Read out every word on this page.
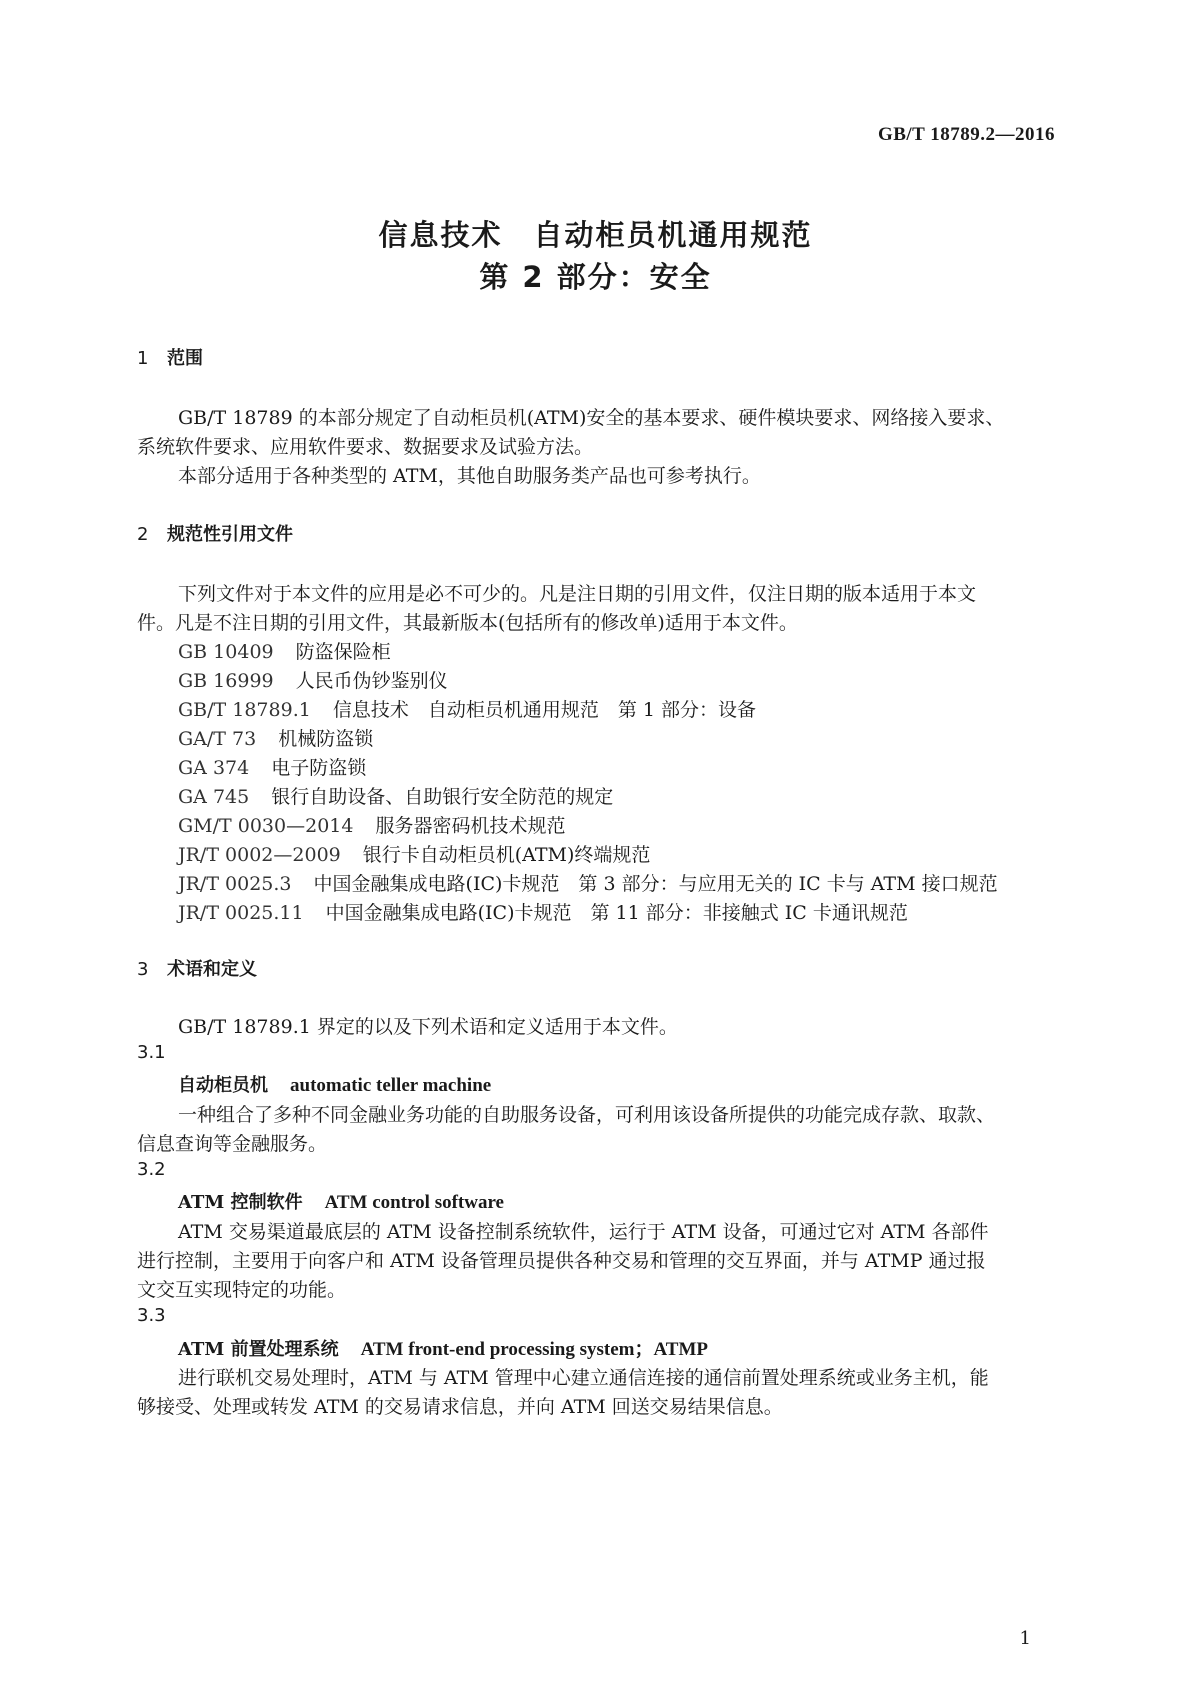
GB/T 18789.2—2016
信息技术　自动柜员机通用规范
第 2 部分：安全
1 范围
GB/T 18789 的本部分规定了自动柜员机(ATM)安全的基本要求、硬件模块要求、网络接入要求、
系统软件要求、应用软件要求、数据要求及试验方法。
本部分适用于各种类型的 ATM，其他自助服务类产品也可参考执行。
2 规范性引用文件
下列文件对于本文件的应用是必不可少的。凡是注日期的引用文件，仅注日期的版本适用于本文
件。凡是不注日期的引用文件，其最新版本(包括所有的修改单)适用于本文件。
GB 10409 防盗保险柜
GB 16999 人民币伪钞鉴别仪
GB/T 18789.1 信息技术　自动柜员机通用规范　第 1 部分：设备
GA/T 73 机械防盗锁
GA 374 电子防盗锁
GA 745 银行自助设备、自助银行安全防范的规定
GM/T 0030—2014 服务器密码机技术规范
JR/T 0002—2009 银行卡自动柜员机(ATM)终端规范
JR/T 0025.3 中国金融集成电路(IC)卡规范　第 3 部分：与应用无关的 IC 卡与 ATM 接口规范
JR/T 0025.11 中国金融集成电路(IC)卡规范　第 11 部分：非接触式 IC 卡通讯规范
3 术语和定义
GB/T 18789.1 界定的以及下列术语和定义适用于本文件。
3.1
自动柜员机 automatic teller machine
一种组合了多种不同金融业务功能的自助服务设备，可利用该设备所提供的功能完成存款、取款、
信息查询等金融服务。
3.2
ATM 控制软件 ATM control software
ATM 交易渠道最底层的 ATM 设备控制系统软件，运行于 ATM 设备，可通过它对 ATM 各部件
进行控制，主要用于向客户和 ATM 设备管理员提供各种交易和管理的交互界面，并与 ATMP 通过报
文交互实现特定的功能。
3.3
ATM 前置处理系统 ATM front-end processing system；ATMP
进行联机交易处理时，ATM 与 ATM 管理中心建立通信连接的通信前置处理系统或业务主机，能
够接受、处理或转发 ATM 的交易请求信息，并向 ATM 回送交易结果信息。
1
